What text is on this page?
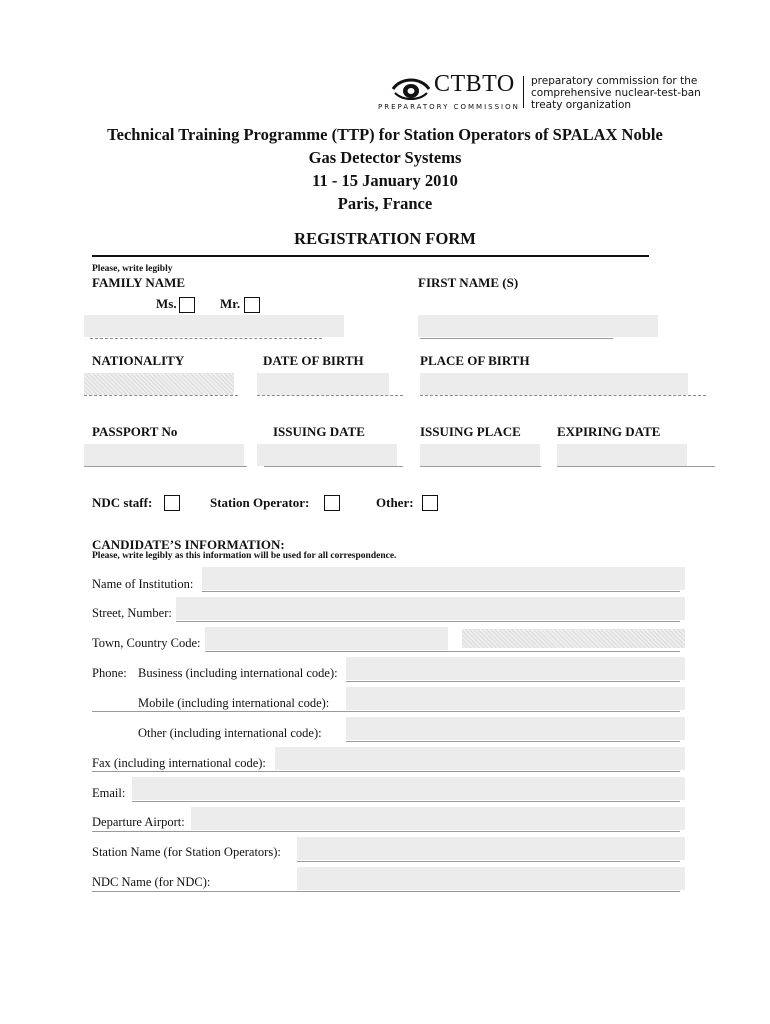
CTBTO preparatory commission for the
comprehensive nuclear-test-ban
treaty organization
PREPARATORY COMMISSION
Technical Training Programme (TTP) for Station Operators of SPALAX Noble
Gas Detector Systems
11 - 15 January 2010
Paris, France
REGISTRATION FORM
Please, write legibly
FAMILY NAME	FIRST NAME (S)
Ms.	Mr.
NATIONALITY	DATE OF BIRTH	PLACE OF BIRTH
PASSPORT No	ISSUING DATE	ISSUING PLACE	EXPIRING DATE
NDC staff:	Station Operator:	Other:
CANDIDATE’S INFORMATION:
Please, write legibly as this information will be used for all correspondence.
Name of Institution:
Street, Number:
Town, Country Code:
Phone: Business (including international code):
Mobile (including international code):
Other (including international code):
Fax (including international code):
Email:
Departure Airport:
Station Name (for Station Operators):
NDC Name (for NDC):
